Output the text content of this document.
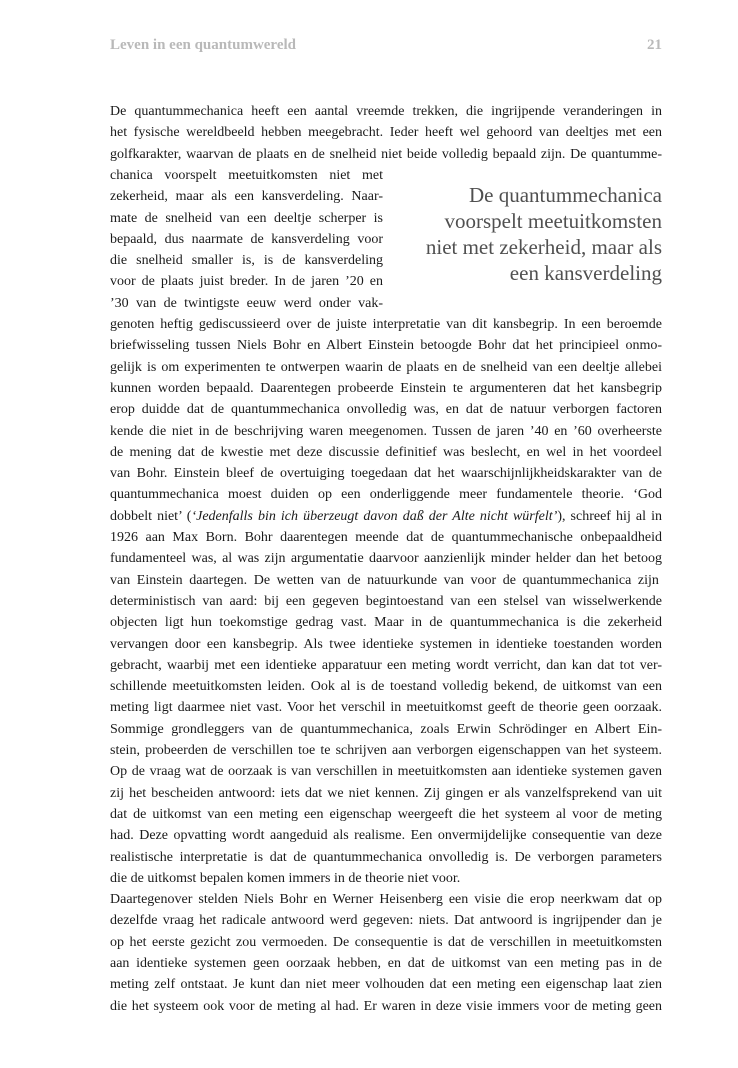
Leven in een quantumwereld	21
De quantummechanica
voorspelt meetuitkomsten
niet met zekerheid, maar als
een kansverdeling
De quantummechanica heeft een aantal vreemde trekken, die ingrijpende veranderingen in
het fysische wereldbeeld hebben meegebracht. Ieder heeft wel gehoord van deeltjes met een
golfkarakter, waarvan de plaats en de snelheid niet beide volledig bepaald zijn. De quantumme-
chanica voorspelt meetuitkomsten niet met
zekerheid, maar als een kansverdeling. Naar-
mate de snelheid van een deeltje scherper is
bepaald, dus naarmate de kansverdeling voor
die snelheid smaller is, is de kansverdeling
voor de plaats juist breder. In de jaren ’20 en
’30 van de twintigste eeuw werd onder vak-
genoten heftig gediscussieerd over de juiste interpretatie van dit kansbegrip. In een beroemde
briefwisseling tussen Niels Bohr en Albert Einstein betoogde Bohr dat het principieel onmo-
gelijk is om experimenten te ontwerpen waarin de plaats en de snelheid van een deeltje allebei
kunnen worden bepaald. Daarentegen probeerde Einstein te argumenteren dat het kansbegrip
erop duidde dat de quantummechanica onvolledig was, en dat de natuur verborgen factoren
kende die niet in de beschrijving waren meegenomen. Tussen de jaren ’40 en ’60 overheerste
de mening dat de kwestie met deze discussie definitief was beslecht, en wel in het voordeel
van Bohr. Einstein bleef de overtuiging toegedaan dat het waarschijnlijkheidskarakter van de
quantummechanica moest duiden op een onderliggende meer fundamentele theorie. ‘God
dobbelt niet’ (‘Jedenfalls bin ich überzeugt davon daß der Alte nicht würfelt’), schreef hij al in
1926 aan Max Born. Bohr daarentegen meende dat de quantummechanische onbepaaldheid
fundamenteel was, al was zijn argumentatie daarvoor aanzienlijk minder helder dan het betoog
van Einstein daartegen. De wetten van de natuurkunde van voor de quantummechanica zijn
deterministisch van aard: bij een gegeven begintoestand van een stelsel van wisselwerkende
objecten ligt hun toekomstige gedrag vast. Maar in de quantummechanica is die zekerheid
vervangen door een kansbegrip. Als twee identieke systemen in identieke toestanden worden
gebracht, waarbij met een identieke apparatuur een meting wordt verricht, dan kan dat tot ver-
schillende meetuitkomsten leiden. Ook al is de toestand volledig bekend, de uitkomst van een
meting ligt daarmee niet vast. Voor het verschil in meetuitkomst geeft de theorie geen oorzaak.
Sommige grondleggers van de quantummechanica, zoals Erwin Schrödinger en Albert Ein-
stein, probeerden de verschillen toe te schrijven aan verborgen eigenschappen van het systeem.
Op de vraag wat de oorzaak is van verschillen in meetuitkomsten aan identieke systemen gaven
zij het bescheiden antwoord: iets dat we niet kennen. Zij gingen er als vanzelfsprekend van uit
dat de uitkomst van een meting een eigenschap weergeeft die het systeem al voor de meting
had. Deze opvatting wordt aangeduid als realisme. Een onvermijdelijke consequentie van deze
realistische interpretatie is dat de quantummechanica onvolledig is. De verborgen parameters
die de uitkomst bepalen komen immers in de theorie niet voor.
Daartegenover stelden Niels Bohr en Werner Heisenberg een visie die erop neerkwam dat op
dezelfde vraag het radicale antwoord werd gegeven: niets. Dat antwoord is ingrijpender dan je
op het eerste gezicht zou vermoeden. De consequentie is dat de verschillen in meetuitkomsten
aan identieke systemen geen oorzaak hebben, en dat de uitkomst van een meting pas in de
meting zelf ontstaat. Je kunt dan niet meer volhouden dat een meting een eigenschap laat zien
die het systeem ook voor de meting al had. Er waren in deze visie immers voor de meting geen
